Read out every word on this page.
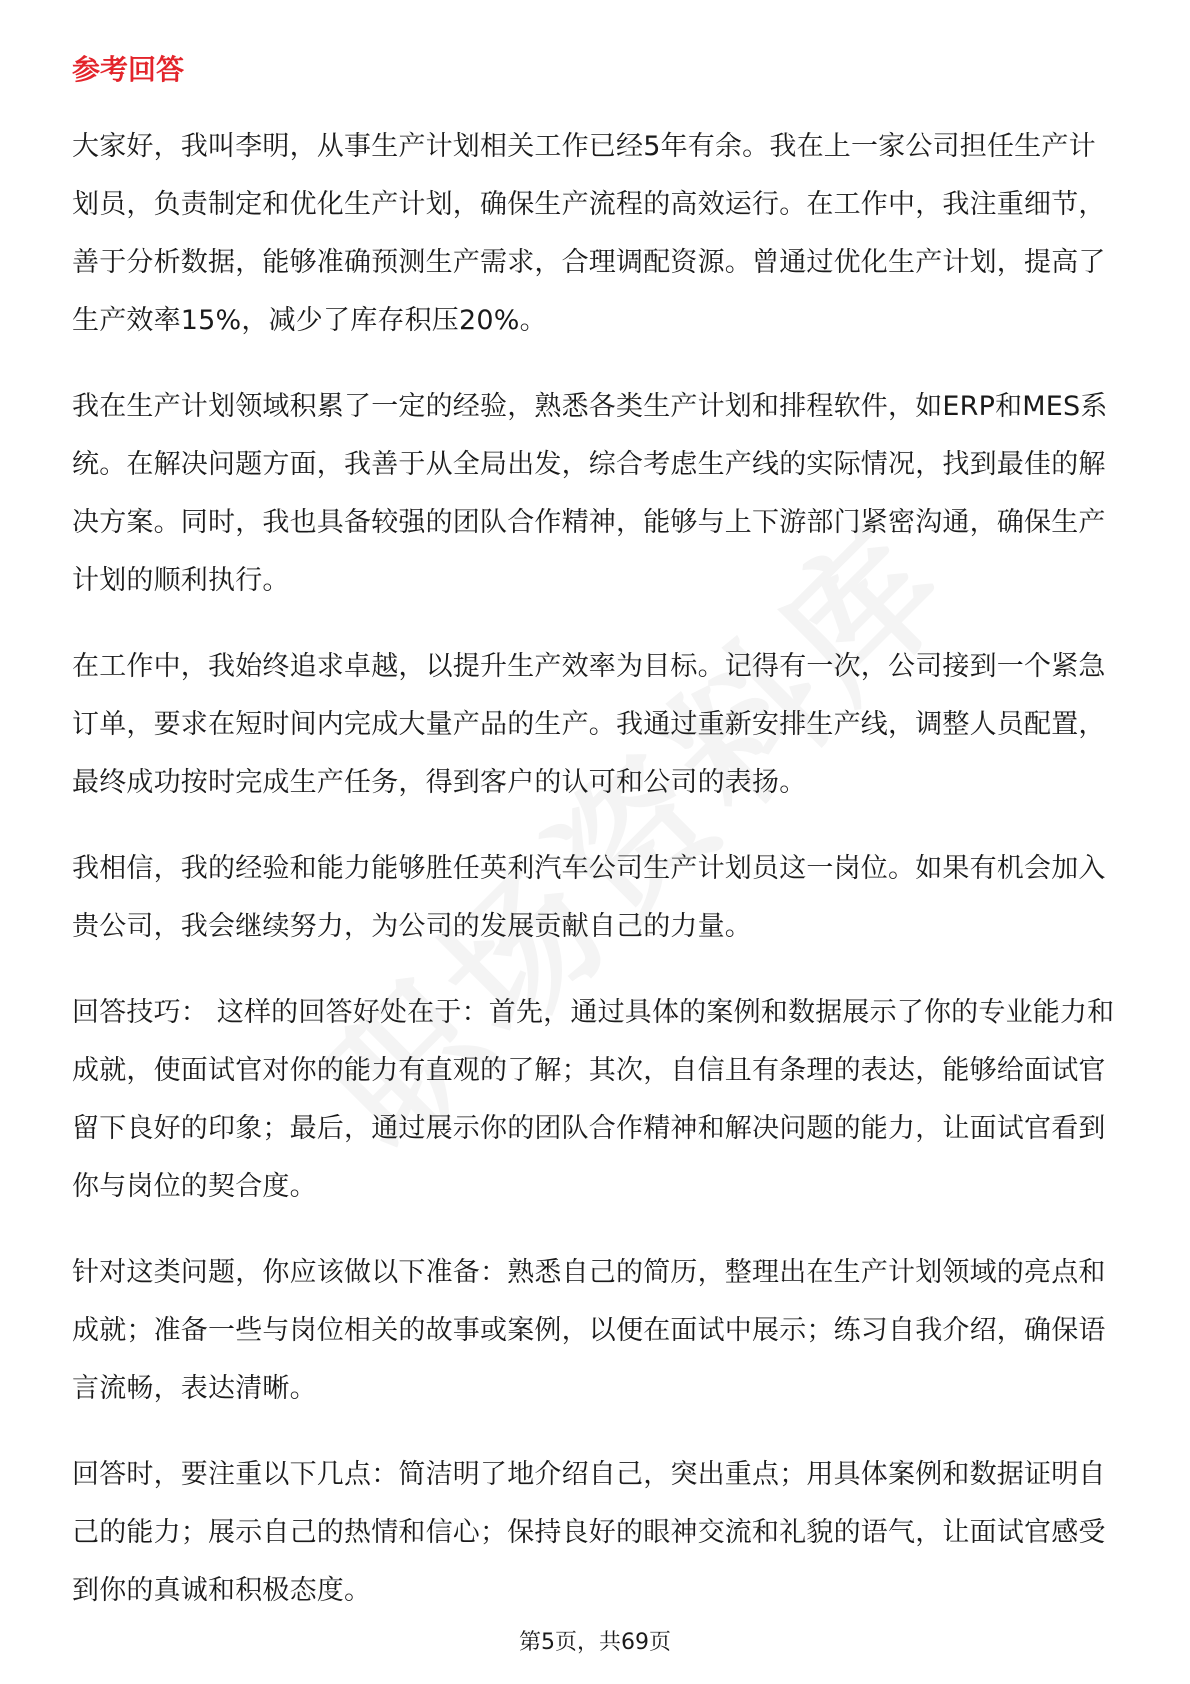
参考回答

大家好，我叫李明，从事生产计划相关工作已经5年有余。我在上一家公司担任生产计划员，负责制定和优化生产计划，确保生产流程的高效运行。在工作中，我注重细节，善于分析数据，能够准确预测生产需求，合理调配资源。曾通过优化生产计划，提高了生产效率15%，减少了库存积压20%。

我在生产计划领域积累了一定的经验，熟悉各类生产计划和排程软件，如ERP和MES系统。在解决问题方面，我善于从全局出发，综合考虑生产线的实际情况，找到最佳的解决方案。同时，我也具备较强的团队合作精神，能够与上下游部门紧密沟通，确保生产计划的顺利执行。

在工作中，我始终追求卓越，以提升生产效率为目标。记得有一次，公司接到一个紧急订单，要求在短时间内完成大量产品的生产。我通过重新安排生产线，调整人员配置，最终成功按时完成生产任务，得到客户的认可和公司的表扬。

我相信，我的经验和能力能够胜任英利汽车公司生产计划员这一岗位。如果有机会加入贵公司，我会继续努力，为公司的发展贡献自己的力量。

回答技巧： 这样的回答好处在于：首先，通过具体的案例和数据展示了你的专业能力和成就，使面试官对你的能力有直观的了解；其次，自信且有条理的表达，能够给面试官留下良好的印象；最后，通过展示你的团队合作精神和解决问题的能力，让面试官看到你与岗位的契合度。

针对这类问题，你应该做以下准备：熟悉自己的简历，整理出在生产计划领域的亮点和成就；准备一些与岗位相关的故事或案例，以便在面试中展示；练习自我介绍，确保语言流畅，表达清晰。

回答时，要注重以下几点：简洁明了地介绍自己，突出重点；用具体案例和数据证明自己的能力；展示自己的热情和信心；保持良好的眼神交流和礼貌的语气，让面试官感受到你的真诚和积极态度。

第5页，共69页
